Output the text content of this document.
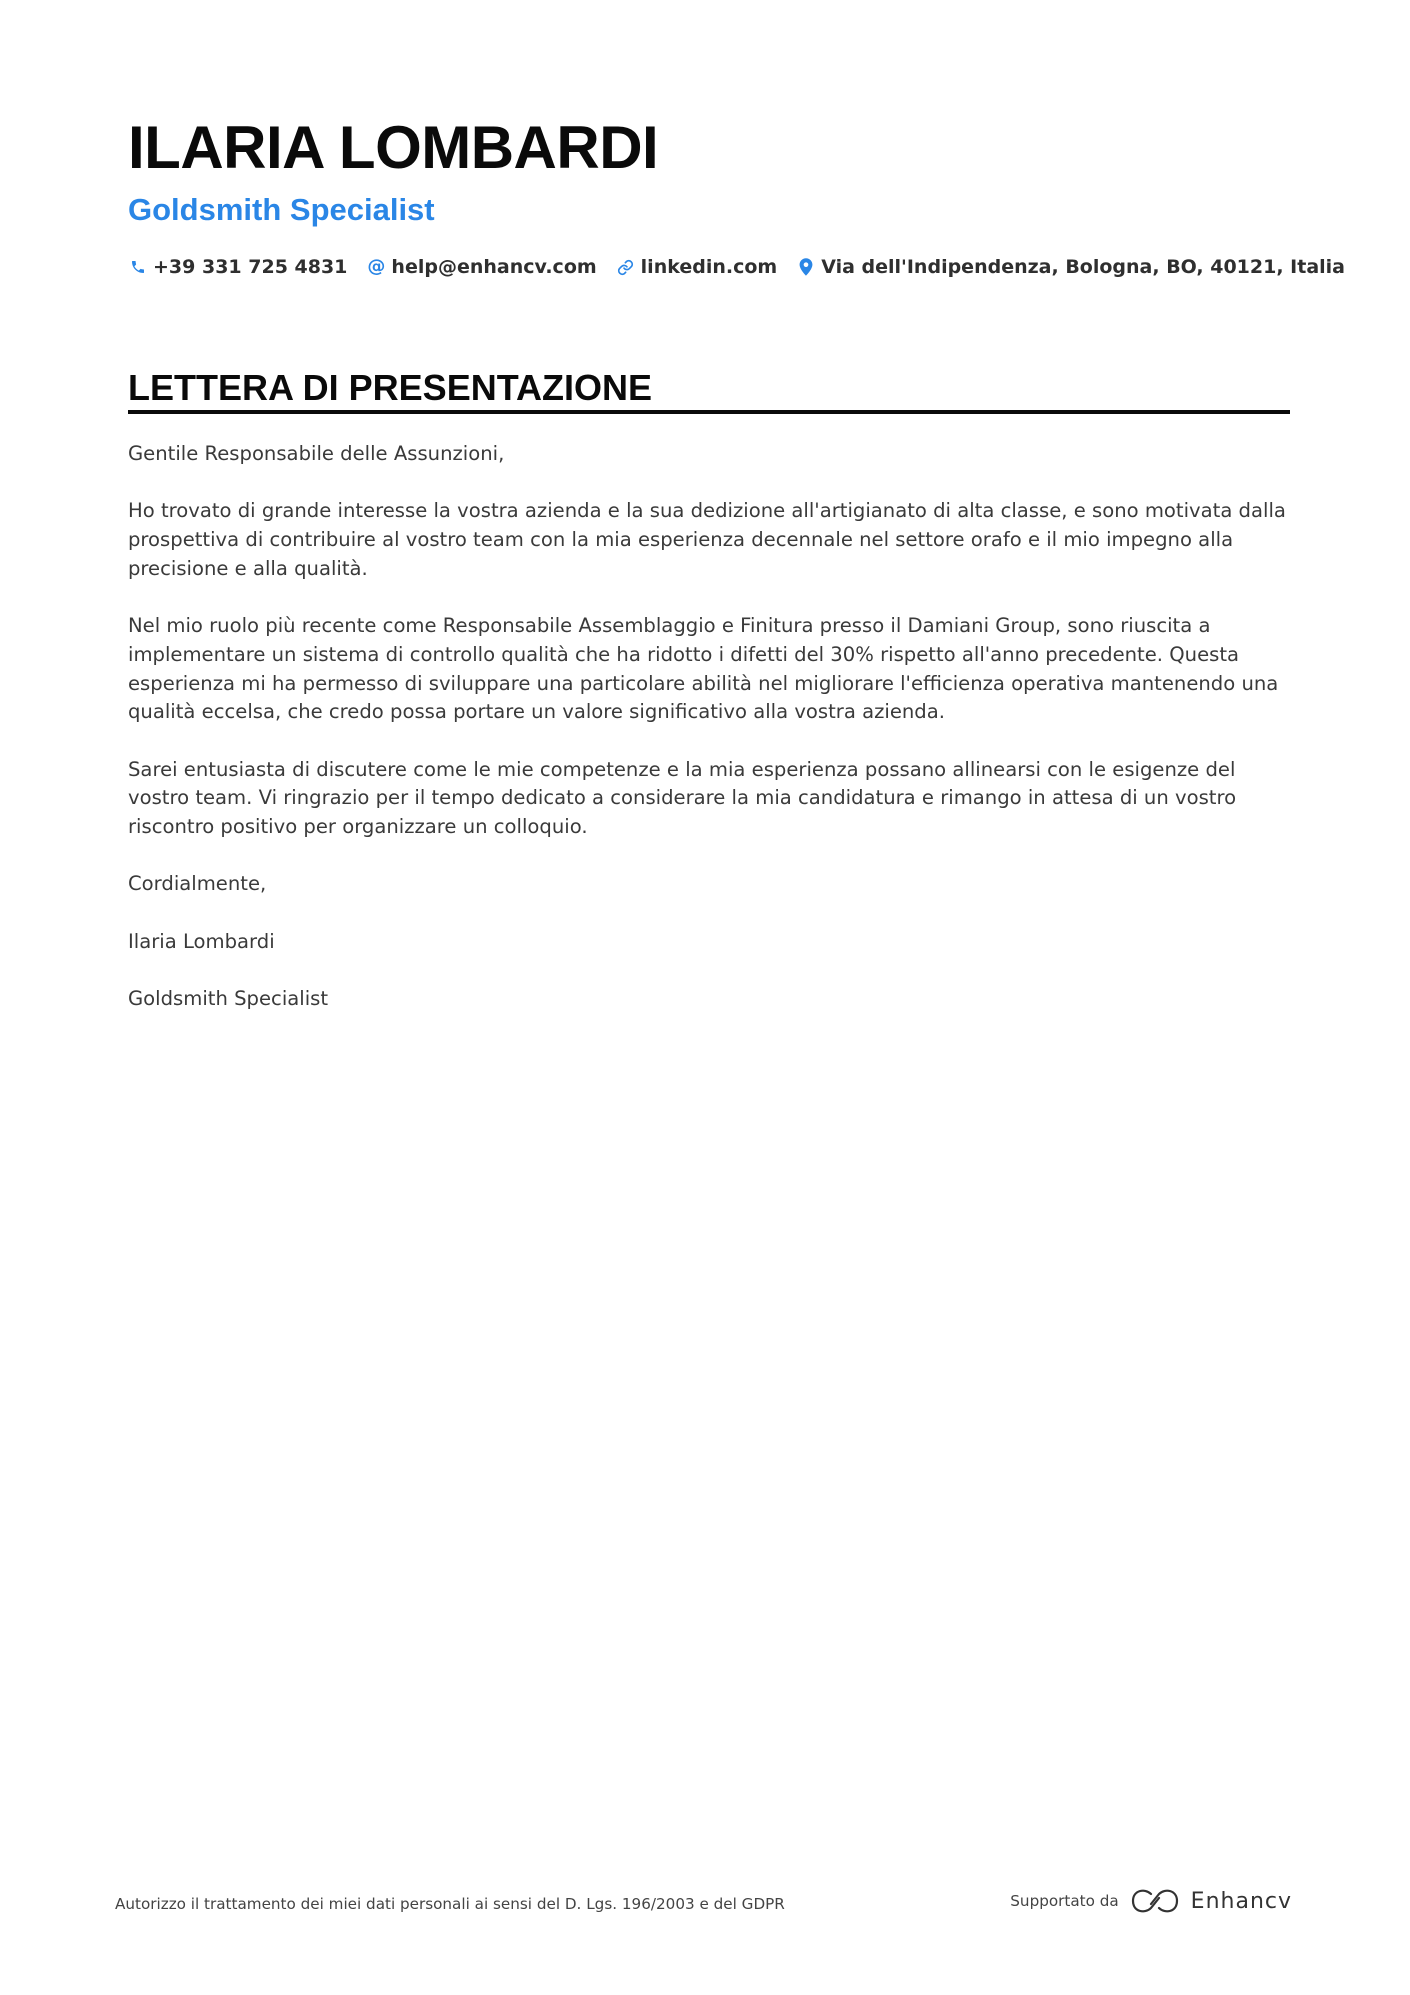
ILARIA LOMBARDI
Goldsmith Specialist
+39 331 725 4831 @ help@enhancv.com linkedin.com Via dell'Indipendenza, Bologna, BO, 40121, Italia
LETTERA DI PRESENTAZIONE

Gentile Responsabile delle Assunzioni,

Ho trovato di grande interesse la vostra azienda e la sua dedizione all'artigianato di alta classe, e sono motivata dalla prospettiva di contribuire al vostro team con la mia esperienza decennale nel settore orafo e il mio impegno alla precisione e alla qualità.

Nel mio ruolo più recente come Responsabile Assemblaggio e Finitura presso il Damiani Group, sono riuscita a implementare un sistema di controllo qualità che ha ridotto i difetti del 30% rispetto all'anno precedente. Questa esperienza mi ha permesso di sviluppare una particolare abilità nel migliorare l'efficienza operativa mantenendo una qualità eccelsa, che credo possa portare un valore significativo alla vostra azienda.

Sarei entusiasta di discutere come le mie competenze e la mia esperienza possano allinearsi con le esigenze del vostro team. Vi ringrazio per il tempo dedicato a considerare la mia candidatura e rimango in attesa di un vostro riscontro positivo per organizzare un colloquio.

Cordialmente,

Ilaria Lombardi

Goldsmith Specialist

Autorizzo il trattamento dei miei dati personali ai sensi del D. Lgs. 196/2003 e del GDPR	Supportato da	Enhancv
